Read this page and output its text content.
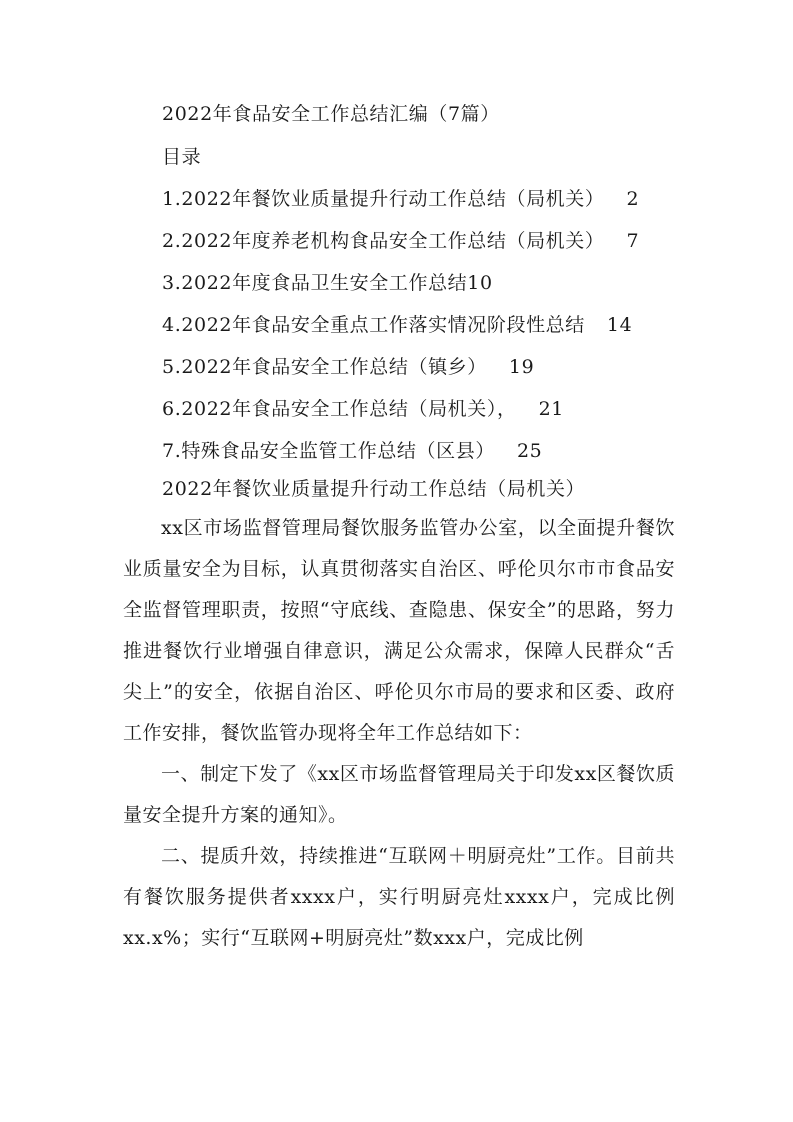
2022年食品安全工作总结汇编（7篇）
目录
1.2022年餐饮业质量提升行动工作总结（局机关） 2
2.2022年度养老机构食品安全工作总结（局机关） 7
3.2022年度食品卫生安全工作总结10
4.2022年食品安全重点工作落实情况阶段性总结 14
5.2022年食品安全工作总结（镇乡） 19
6.2022年食品安全工作总结（局机关）， 21
7.特殊食品安全监管工作总结（区县） 25
2022年餐饮业质量提升行动工作总结（局机关）

xx区市场监督管理局餐饮服务监管办公室，以全面提升餐饮业质量安全为目标，认真贯彻落实自治区、呼伦贝尔市市食品安全监督管理职责，按照“守底线、查隐患、保安全”的思路，努力推进餐饮行业增强自律意识，满足公众需求，保障人民群众“舌尖上”的安全，依据自治区、呼伦贝尔市局的要求和区委、政府工作安排，餐饮监管办现将全年工作总结如下：

一、制定下发了《xx区市场监督管理局关于印发xx区餐饮质量安全提升方案的通知》。

二、提质升效，持续推进“互联网＋明厨亮灶”工作。目前共有餐饮服务提供者xxxx户，实行明厨亮灶xxxx户，完成比例xx.x%；实行“互联网+明厨亮灶”数xxx户，完成比例
